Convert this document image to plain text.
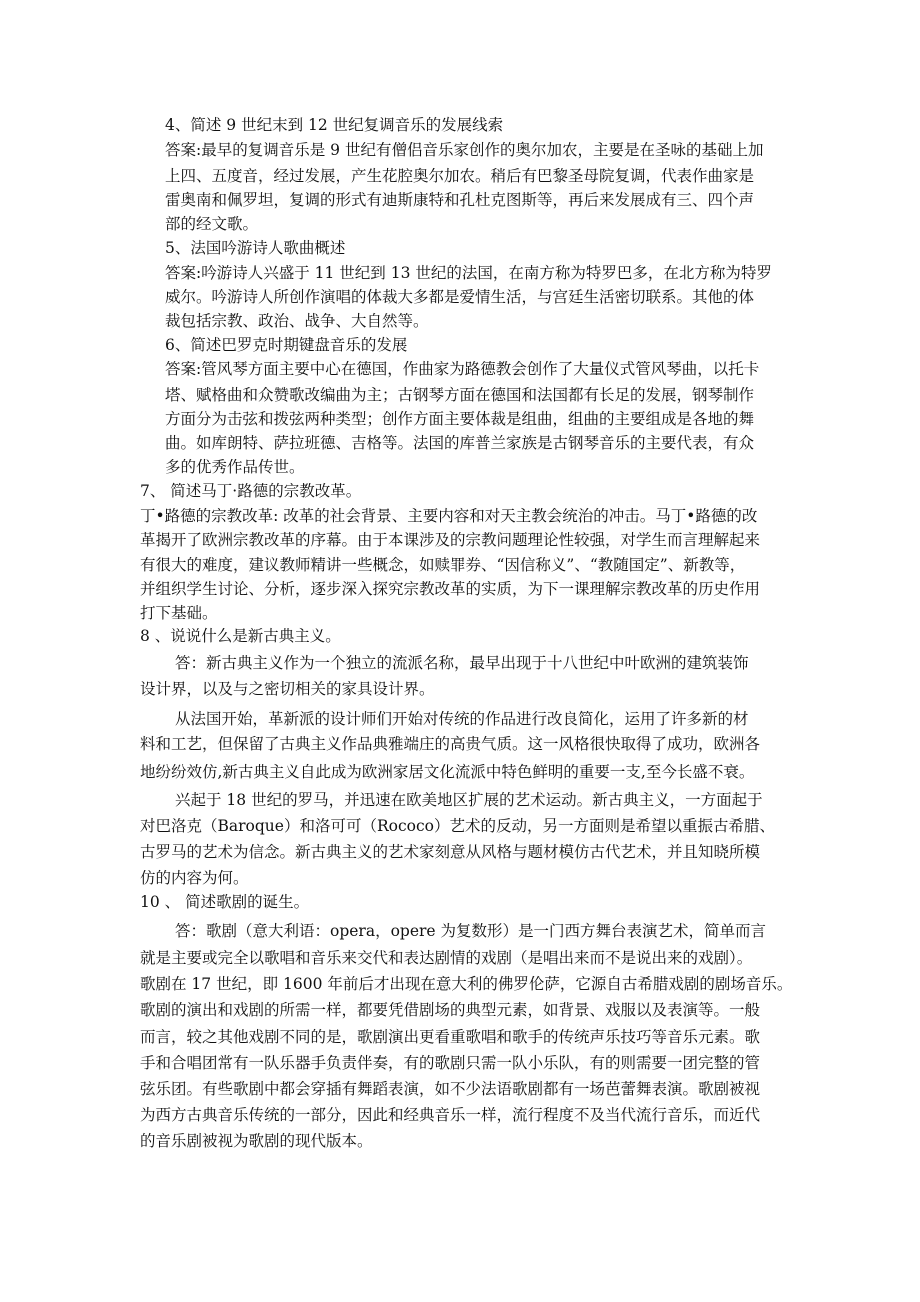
4、简述 9 世纪末到 12 世纪复调音乐的发展线索
答案:最早的复调音乐是 9 世纪有僧侣音乐家创作的奥尔加农，主要是在圣咏的基础上加
上四、五度音，经过发展，产生花腔奥尔加农。稍后有巴黎圣母院复调，代表作曲家是
雷奥南和佩罗坦，复调的形式有迪斯康特和孔杜克图斯等，再后来发展成有三、四个声
部的经文歌。
5、法国吟游诗人歌曲概述
答案:吟游诗人兴盛于 11 世纪到 13 世纪的法国，在南方称为特罗巴多，在北方称为特罗
威尔。吟游诗人所创作演唱的体裁大多都是爱情生活，与宫廷生活密切联系。其他的体
裁包括宗教、政治、战争、大自然等。
6、简述巴罗克时期键盘音乐的发展
答案:管风琴方面主要中心在德国，作曲家为路德教会创作了大量仪式管风琴曲，以托卡
塔、赋格曲和众赞歌改编曲为主；古钢琴方面在德国和法国都有长足的发展，钢琴制作
方面分为击弦和拨弦两种类型；创作方面主要体裁是组曲，组曲的主要组成是各地的舞
曲。如库朗特、萨拉班德、吉格等。法国的库普兰家族是古钢琴音乐的主要代表，有众
多的优秀作品传世。
7、 简述马丁·路德的宗教改革。
丁•路德的宗教改革: 改革的社会背景、主要内容和对天主教会统治的冲击。马丁•路德的改
革揭开了欧洲宗教改革的序幕。由于本课涉及的宗教问题理论性较强，对学生而言理解起来
有很大的难度，建议教师精讲一些概念，如赎罪券、“因信称义”、“教随国定”、新教等，
并组织学生讨论、分析，逐步深入探究宗教改革的实质，为下一课理解宗教改革的历史作用
打下基础。
8 、说说什么是新古典主义。
答：新古典主义作为一个独立的流派名称，最早出现于十八世纪中叶欧洲的建筑装饰
设计界，以及与之密切相关的家具设计界。
从法国开始，革新派的设计师们开始对传统的作品进行改良简化，运用了许多新的材
料和工艺，但保留了古典主义作品典雅端庄的高贵气质。这一风格很快取得了成功，欧洲各
地纷纷效仿,新古典主义自此成为欧洲家居文化流派中特色鲜明的重要一支,至今长盛不衰。
兴起于 18 世纪的罗马，并迅速在欧美地区扩展的艺术运动。新古典主义，一方面起于
对巴洛克（Baroque）和洛可可（Rococo）艺术的反动，另一方面则是希望以重振古希腊、
古罗马的艺术为信念。新古典主义的艺术家刻意从风格与题材模仿古代艺术，并且知晓所模
仿的内容为何。
10 、 简述歌剧的诞生。
答：歌剧（意大利语：opera，opere 为复数形）是一门西方舞台表演艺术，简单而言
就是主要或完全以歌唱和音乐来交代和表达剧情的戏剧（是唱出来而不是说出来的戏剧）。
歌剧在 17 世纪，即 1600 年前后才出现在意大利的佛罗伦萨，它源自古希腊戏剧的剧场音乐。
歌剧的演出和戏剧的所需一样，都要凭借剧场的典型元素，如背景、戏服以及表演等。一般
而言，较之其他戏剧不同的是，歌剧演出更看重歌唱和歌手的传统声乐技巧等音乐元素。歌
手和合唱团常有一队乐器手负责伴奏，有的歌剧只需一队小乐队，有的则需要一团完整的管
弦乐团。有些歌剧中都会穿插有舞蹈表演，如不少法语歌剧都有一场芭蕾舞表演。歌剧被视
为西方古典音乐传统的一部分，因此和经典音乐一样，流行程度不及当代流行音乐，而近代
的音乐剧被视为歌剧的现代版本。
